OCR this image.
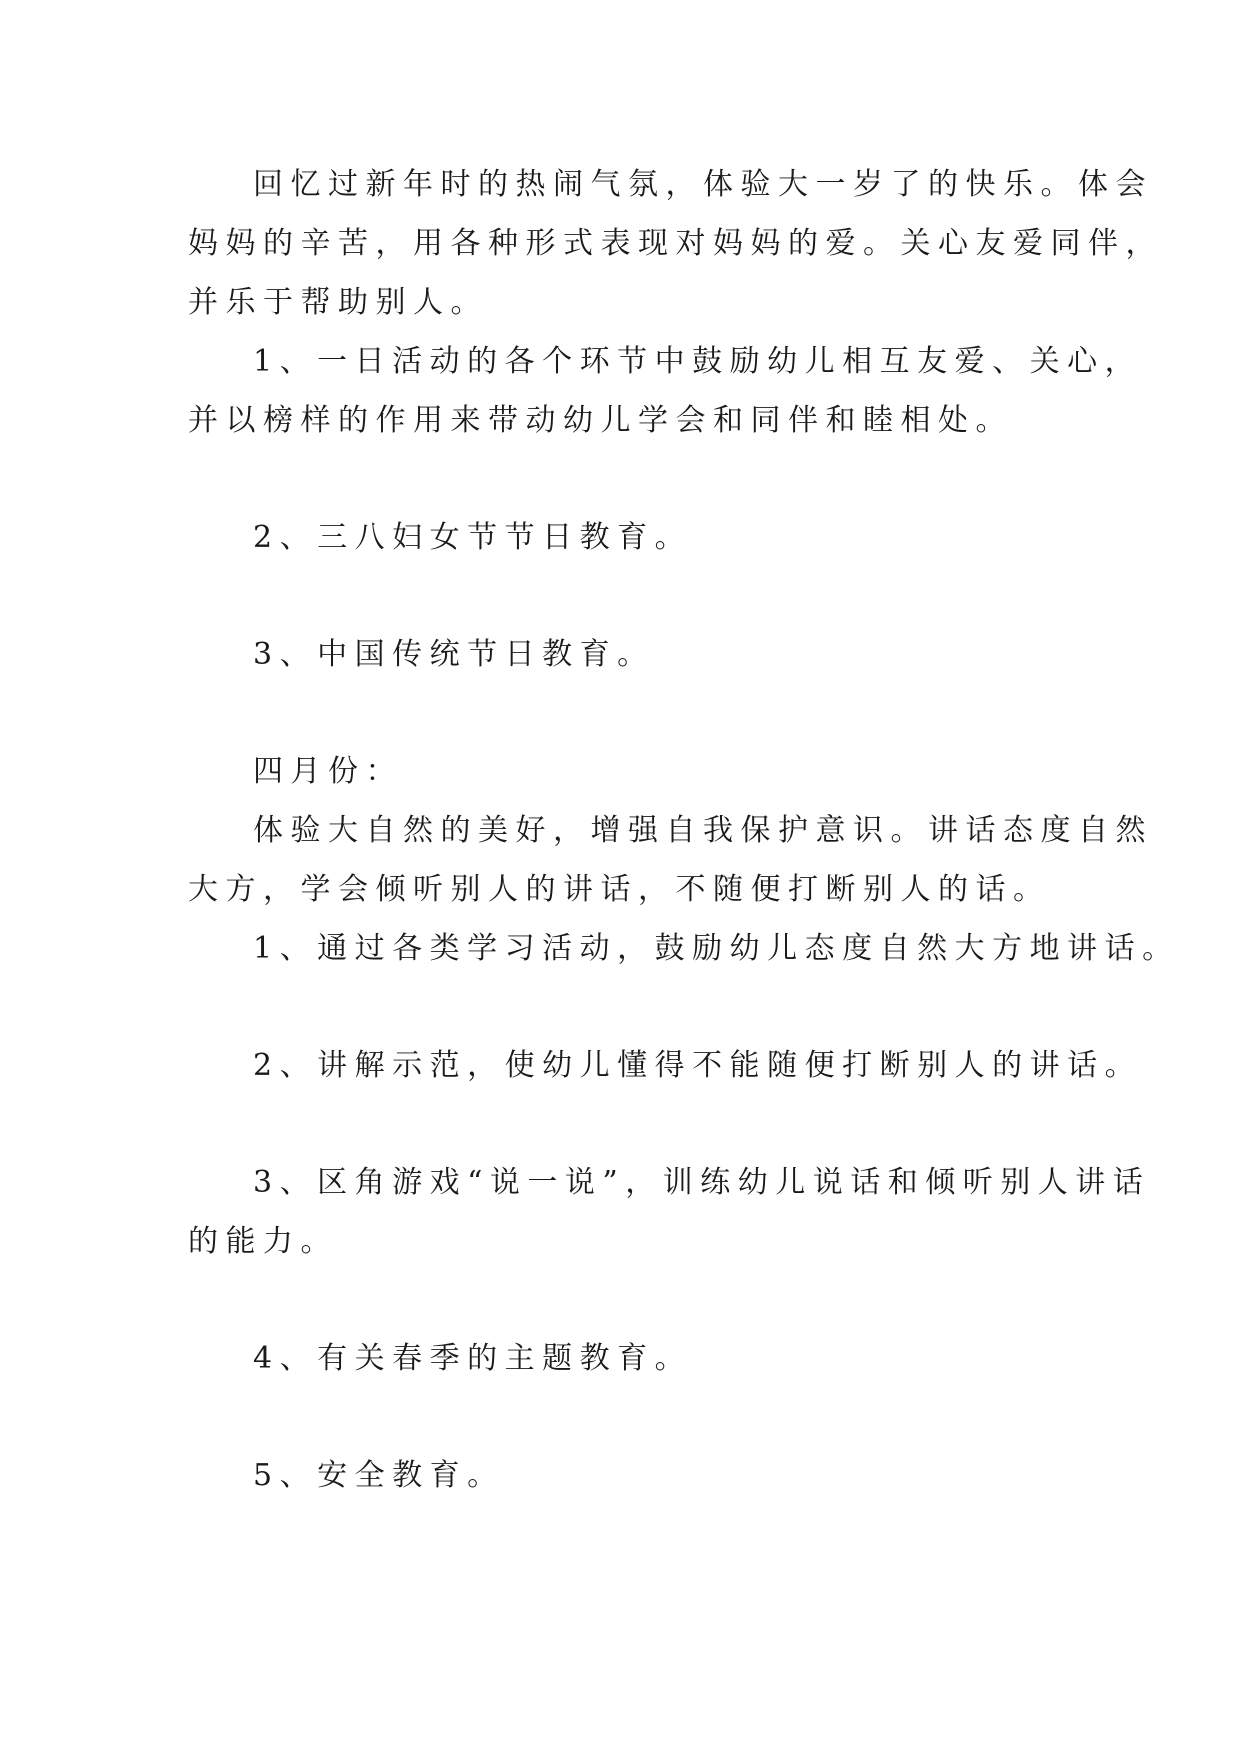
回忆过新年时的热闹气氛，体验大一岁了的快乐。体会
妈妈的辛苦，用各种形式表现对妈妈的爱。关心友爱同伴，
并乐于帮助别人。
1、一日活动的各个环节中鼓励幼儿相互友爱、关心，
并以榜样的作用来带动幼儿学会和同伴和睦相处。
2、三八妇女节节日教育。
3、中国传统节日教育。
四月份：
体验大自然的美好，增强自我保护意识。讲话态度自然
大方，学会倾听别人的讲话，不随便打断别人的话。
1、通过各类学习活动，鼓励幼儿态度自然大方地讲话。
2、讲解示范，使幼儿懂得不能随便打断别人的讲话。
3、区角游戏“说一说”，训练幼儿说话和倾听别人讲话
的能力。
4、有关春季的主题教育。
5、安全教育。
